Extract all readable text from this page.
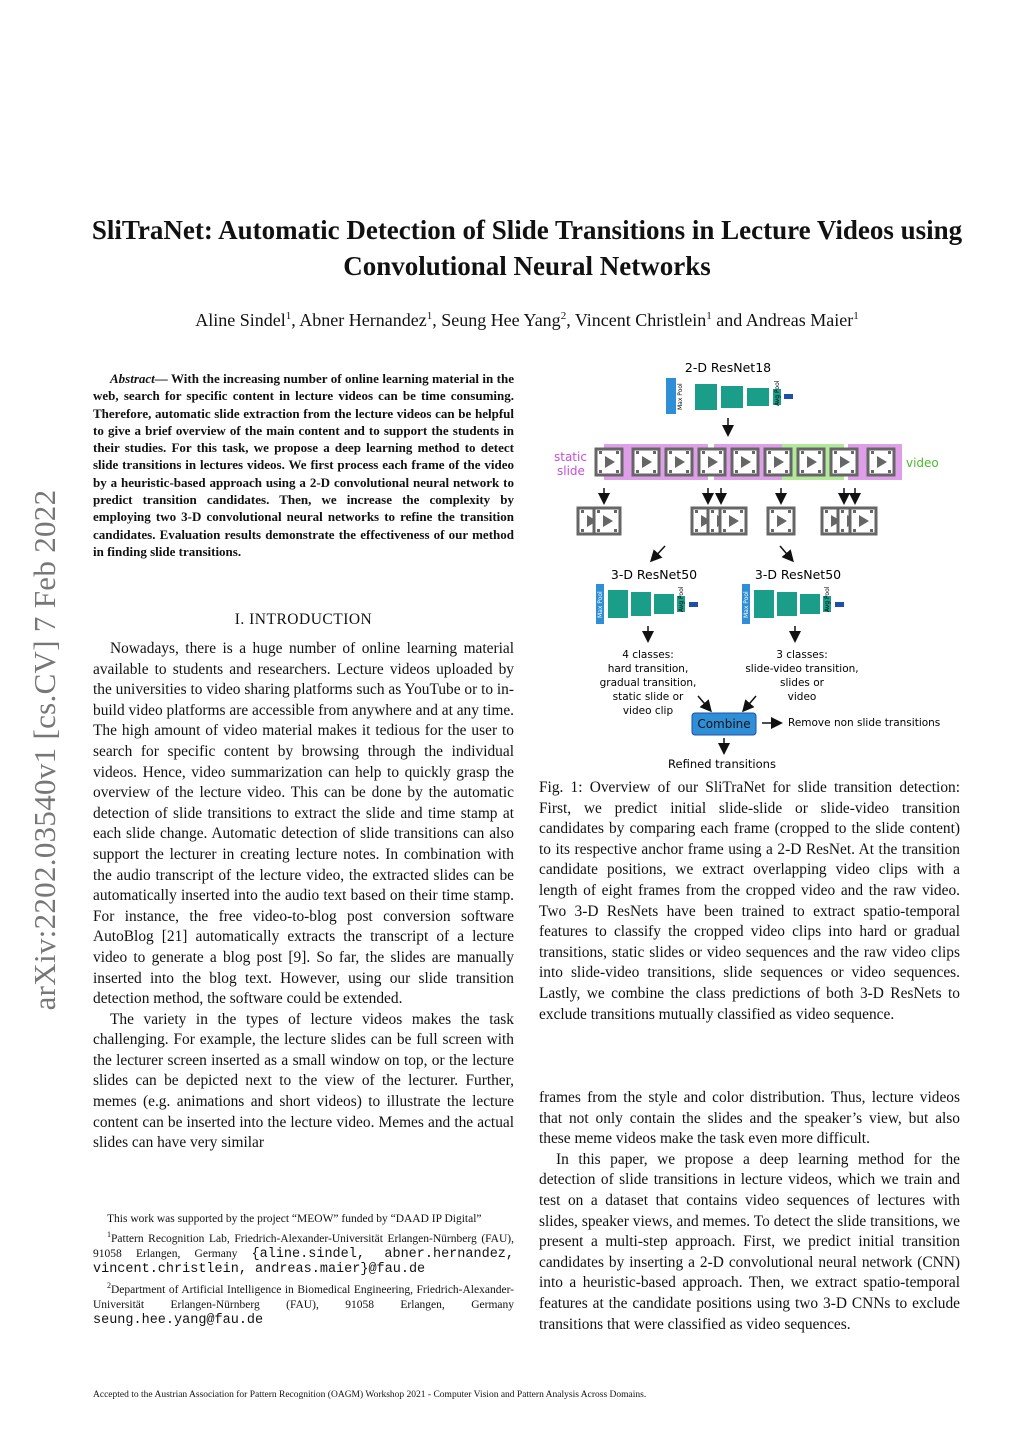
SliTraNet: Automatic Detection of Slide Transitions in Lecture Videos using Convolutional Neural Networks
Aline Sindel$^1$, Abner Hernandez$^1$, Seung Hee Yang$^2$, Vincent Christlein$^1$ and Andreas Maier$^1$
arXiv:2202.03540v1 [cs.CV] 7 Feb 2022
Abstract— With the increasing number of online learning material in the web, search for specific content in lecture videos can be time consuming. Therefore, automatic slide extraction from the lecture videos can be helpful to give a brief overview of the main content and to support the students in their studies. For this task, we propose a deep learning method to detect slide transitions in lectures videos. We first process each frame of the video by a heuristic-based approach using a 2-D convolutional neural network to predict transition candidates. Then, we increase the complexity by employing two 3-D convolutional neural networks to refine the transition candidates. Evaluation results demonstrate the effectiveness of our method in finding slide transitions.
I. INTRODUCTION

Nowadays, there is a huge number of online learning material available to students and researchers. Lecture videos uploaded by the universities to video sharing platforms such as YouTube or to in-build video platforms are accessible from anywhere and at any time. The high amount of video material makes it tedious for the user to search for specific content by browsing through the individual videos. Hence, video summarization can help to quickly grasp the overview of the lecture video. This can be done by the automatic detection of slide transitions to extract the slide and time stamp at each slide change. Automatic detection of slide transitions can also support the lecturer in creating lecture notes. In combination with the audio transcript of the lecture video, the extracted slides can be automatically inserted into the audio text based on their time stamp. For instance, the free video-to-blog post conversion software AutoBlog [21] automatically extracts the transcript of a lecture video to generate a blog post [9]. So far, the slides are manually inserted into the blog text. However, using our slide transition detection method, the software could be extended.

The variety in the types of lecture videos makes the task challenging. For example, the lecture slides can be full screen with the lecturer screen inserted as a small window on top, or the lecture slides can be depicted next to the view of the lecturer. Further, memes (e.g. animations and short videos) to illustrate the lecture content can be inserted into the lecture video. Memes and the actual slides can have very similar

This work was supported by the project “MEOW” funded by “DAAD IP Digital”

$^1$Pattern Recognition Lab, Friedrich-Alexander-Universität Erlangen-Nürnberg (FAU), 91058 Erlangen, Germany {aline.sindel, abner.hernandez, vincent.christlein, andreas.maier}@fau.de

$^2$Department of Artificial Intelligence in Biomedical Engineering, Friedrich-Alexander-Universität Erlangen-Nürnberg (FAU), 91058 Erlangen, Germany seung.hee.yang@fau.de

2-D ResNet18
Max Pool	Avg Pool
static
slide
video
3-D ResNet50	3-D ResNet50
Max Pool	Avg Pool	Max Pool	Avg Pool
4 classes:
hard transition,
gradual transition,
static slide or
video clip
3 classes:
slide-video transition,
slides or
video
Combine	Remove non slide transitions
Refined transitions
Fig. 1: Overview of our SliTraNet for slide transition detection: First, we predict initial slide-slide or slide-video transition candidates by comparing each frame (cropped to the slide content) to its respective anchor frame using a 2-D ResNet. At the transition candidate positions, we extract overlapping video clips with a length of eight frames from the cropped video and the raw video. Two 3-D ResNets have been trained to extract spatio-temporal features to classify the cropped video clips into hard or gradual transitions, static slides or video sequences and the raw video clips into slide-video transitions, slide sequences or video sequences. Lastly, we combine the class predictions of both 3-D ResNets to exclude transitions mutually classified as video sequence.

frames from the style and color distribution. Thus, lecture videos that not only contain the slides and the speaker’s view, but also these meme videos make the task even more difficult.

In this paper, we propose a deep learning method for the detection of slide transitions in lecture videos, which we train and test on a dataset that contains video sequences of lectures with slides, speaker views, and memes. To detect the slide transitions, we present a multi-step approach. First, we predict initial transition candidates by inserting a 2-D convolutional neural network (CNN) into a heuristic-based approach. Then, we extract spatio-temporal features at the candidate positions using two 3-D CNNs to exclude transitions that were classified as video sequences.

Accepted to the Austrian Association for Pattern Recognition (OAGM) Workshop 2021 - Computer Vision and Pattern Analysis Across Domains.
